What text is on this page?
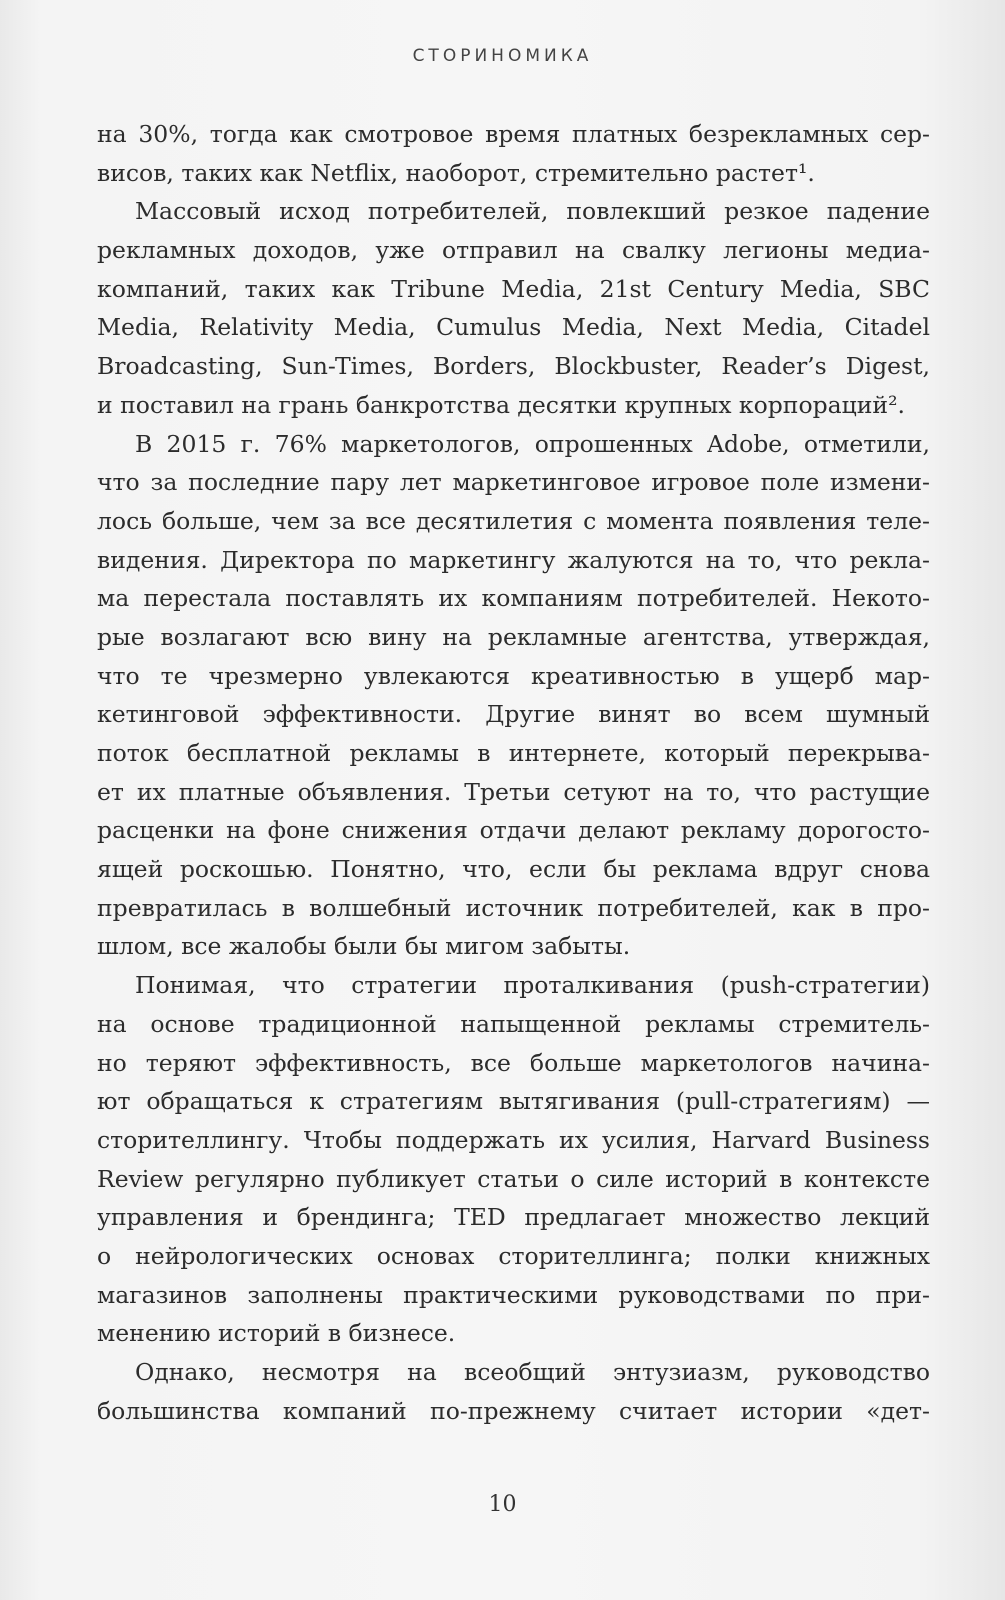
СТОРИНОМИКА
на 30%, тогда как смотровое время платных безрекламных сер-
висов, таких как Netflix, наоборот, стремительно растет¹.
Массовый исход потребителей, повлекший резкое падение
рекламных доходов, уже отправил на свалку легионы медиа-
компаний, таких как Tribune Media, 21st Century Media, SBC
Media, Relativity Media, Cumulus Media, Next Media, Citadel
Broadcasting, Sun-Times, Borders, Blockbuster, Reader’s Digest,
и поставил на грань банкротства десятки крупных корпораций².
В 2015 г. 76% маркетологов, опрошенных Adobe, отметили,
что за последние пару лет маркетинговое игровое поле измени-
лось больше, чем за все десятилетия с момента появления теле-
видения. Директора по маркетингу жалуются на то, что рекла-
ма перестала поставлять их компаниям потребителей. Некото-
рые возлагают всю вину на рекламные агентства, утверждая,
что те чрезмерно увлекаются креативностью в ущерб мар-
кетинговой эффективности. Другие винят во всем шумный
поток бесплатной рекламы в интернете, который перекрыва-
ет их платные объявления. Третьи сетуют на то, что растущие
расценки на фоне снижения отдачи делают рекламу дорогосто-
ящей роскошью. Понятно, что, если бы реклама вдруг снова
превратилась в волшебный источник потребителей, как в про-
шлом, все жалобы были бы мигом забыты.
Понимая, что стратегии проталкивания (push-стратегии)
на основе традиционной напыщенной рекламы стремитель-
но теряют эффективность, все больше маркетологов начина-
ют обращаться к стратегиям вытягивания (pull-стратегиям) —
сторителлингу. Чтобы поддержать их усилия, Harvard Business
Review регулярно публикует статьи о силе историй в контексте
управления и брендинга; TED предлагает множество лекций
о нейрологических основах сторителлинга; полки книжных
магазинов заполнены практическими руководствами по при-
менению историй в бизнесе.
Однако, несмотря на всеобщий энтузиазм, руководство
большинства компаний по-прежнему считает истории «дет-
10
